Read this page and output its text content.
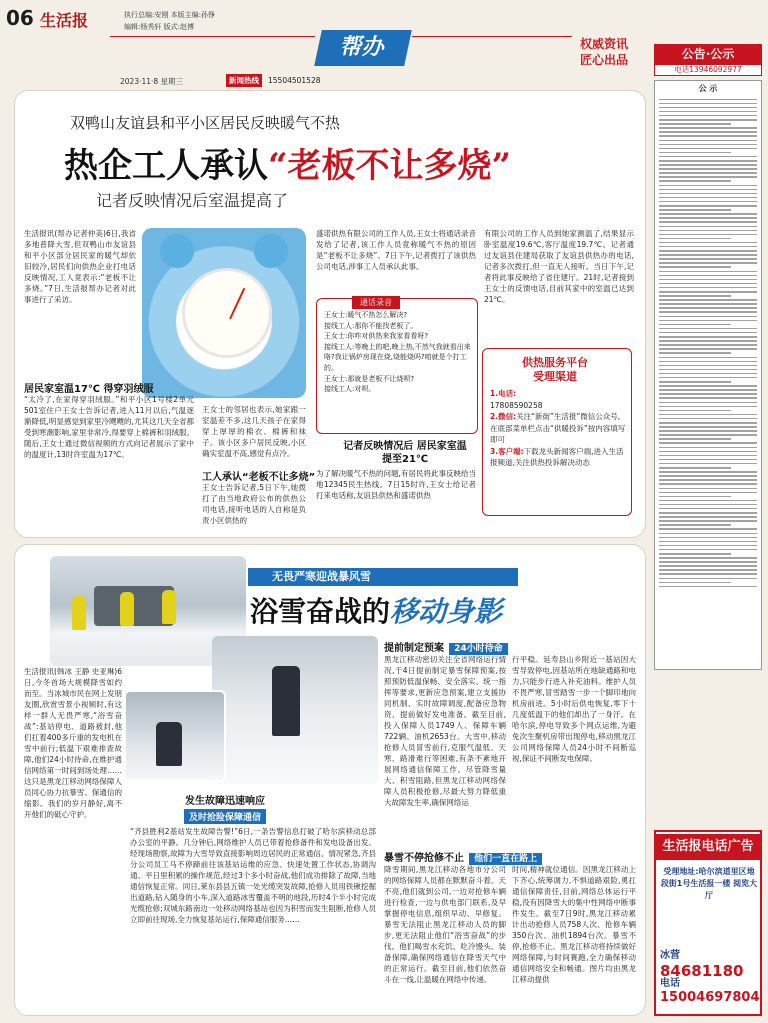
06 生活报	执行总编:安刚 本版主编:孙铮
编辑:杨秀轩 版式:赵博
帮办	权威资讯
匠心出品
2023·11·8 星期三	新闻热线	15504501528
公告·公示
电话13946092977
公 示
双鸭山友谊县和平小区居民反映暖气不热
热企工人承认“老板不让多烧”
记者反映情况后室温提高了
生活报讯(帮办记者仲美)6日,我省多地普降大雪,但双鸭山市友谊县和平小区部分居民家的暖气却依旧较冷,居民们向供热企业打电话反映情况,工人竟表示:“老板不让多烧。”7日,生活报帮办记者对此事进行了采访。
居民家室温17℃ 得穿羽绒服
“太冷了,在家得穿羽绒服。”和平小区1号楼2单元501室住户王女士告诉记者,进入11月以后,气温逐渐降低,明显感觉到家里冷飕飕的,尤其这几天全省都受到寒潮影响,家里非常冷,得要穿上棉裤和羽绒服。随后,王女士通过微信视频的方式向记者展示了家中的温度计,13时许室温为17℃。
王女士的邻居也表示,她家跟一室温差不多,这几天孩子在家得穿上厚厚的棉衣、棉裤和袜子。该小区多户居民反映,小区确实室温不高,感觉有点冷。
工人承认“老板不让多烧”
王女士告诉记者,5日下午,她拨打了由当地政府公布的供热公司电话,接听电话的人自称是负责小区供热的
盛诺供热有限公司的工作人员,王女士将通话录音发给了记者,该工作人员竟称暖气不热的原因是“老板不让多烧”。7日下午,记者拨打了该供热公司电话,涉事工人员承认此事。
通话录音
王女士:暖气不热怎么解决?
接线工人:那你不能找老板了。
王女士:你咋对供热来我家看看呀?
接线工人:等晚上的吧,晚上热,不然气我就看出来咯?我让锅炉房现在烧,烧能烧吗?咱就是个打工的。
王女士:那就是老板不让烧呗?
接线工人:对呗。
记者反映情况后 居民家室温提至21℃
为了解决暖气不热的问题,有居民将此事反映给当地12345民生热线。7日15时许,王女士给记者打来电话称,友谊县供热和盛诺供热
有限公司的工作人员到她家测温了,结果显示卧室温度19.6℃,客厅温度19.7℃。记者通过友谊县住建局获取了友谊县供热办的电话,记者多次拨打,但一直无人接听。当日下午,记者将此事反映给了省住建厅。21时,记者接到王女士的反馈电话,目前其家中的室温已达到21℃。
供热服务平台
受理渠道
1.电话:
17808590258
2.微信:关注“新街”生活报”微信公众号,在底部菜单栏点击“供暖投诉”按内容填写即可
3.客户端:下载龙头新闻客户端,进入生活报频道,关注供热投诉解决动态
无畏严寒迎战暴风雪
浴雪奋战的移动身影
生活报讯(韩冰 王静 史亚琳)6日,今冬首场大规模降雪如约而至。当冰城市民在网上发朋友圈,欣赏雪景小视频时,有这样一群人无畏严寒,“浴雪奋战”:基站停电、道路被封,他们扛着400多斤重的发电机在雪中前行;低温下艰难排查故障,他们24小时待命,在维护通信网络第一时间到场处理……这只是黑龙江移动网络保障人员同心协力抗暴雪、保通信的缩影。我们的岁月静好,离不开他们的砥心守护。
提前制定预案 24小时待命
黑龙江移动密切关注全省网络运行情况,于4日提前制定暴雪保障预案,按照预防低温保畅、安全落实、统一指挥等要求,更新应急预案,建立支援协同机制、实时故障调度,配备应急物资、提前做好发电准备。截至目前,投入保障人员1749人、保障车辆722辆、油机2653台。大雪中,移动抢修人员冒雪前行,克服气温低、天寒、路滑难行等困难,有条不紊地开展网络通信保障工作。尽管降雪量大、积雪阻路,但黑龙江移动网络保障人员积极抢修,尽最大努力降低重大故障发生率,确保网络运
行平稳。延寿县山乡附近一基站因大雪导致停电,因基站所在地缺通路和电力,只能步行进入补充油料。维护人员不畏严寒,冒雪踏雪一步一个脚印地向机房前进。5小时后供电恢复,零下十几度低温下的他们却出了一身汗。在哈尔滨,停电导致多个网点运维,为避免次生聚机房带出现停电,移动黑龙江公司网络保障人员24小时不间断巡视,保证不间断发电保障。
发生故障迅速响应
及时抢险保障通信
“齐县胜利2基站发生故障告警!”6日,一条告警信息打破了哈尔滨移动总部办公室的平静。几分钟后,网络维护人员已带着抢修备件和发电设备出发。经现场勘察,故障为大雪导致直接影响周边居民的正常通信。情况紧急,齐县分公司员工马不停蹄前往该基站运维的应急、快速处置工作状态,协调沟通、平日里积累的操作规范,经过3个多小时奋战,他们成功排除了故障,当地通信恢复正常。同日,莱东县县五镇一处光缆突发故障,抢修人员用铁锹挖掘出道路,钻入随身的小车,深入道路冰雪覆盖不明的地段,历时4个半小时完成光缆抢修;双城东路南边一处移动网络基站也因为积雪而发生阻断,抢修人员立即前往现场,全力恢复基站运行,保障通信服务……
暴雪不停抢修不止 他们一直在路上
降雪期间,黑龙江移动各地市分公司的网络保障人员都在默默奋斗着。天不亮,他们就到公司,一边对抢修车辆进行检查,一边与供电部门联系,及早掌握停电信息,组织早动、早修复。暴雪无法阻止黑龙江移动人员的脚步,更无法阻止他们“浴雪奋战”的步伐。他们喝雪水充饥、吃冷馒头、装备保障,确保网络通信在降雪天气中的正常运行。截至目前,他们依然奋斗在一线,让温暖在网络中传递。
时间,精神就位通信。因黑龙江移动上下齐心,统筹调力,不惧道路艰险,勇扛通信保障责任,目前,网络总体运行平稳,没有因降雪大的集中性网络中断事件发生。截至7日9时,黑龙江移动累计出动抢修人员758人次、抢修车辆350台次、油机1894台次。暴雪不停,抢修不止。黑龙江移动将持续做好网络保障,与时间赛跑,全力确保移动通信网络安全和畅通。图片均由黑龙江移动提供
生活报电话广告
受理地址:哈尔滨道里区地段街1号生活报一楼 阅览大厅
冰营 84681180
电话 15004697804
